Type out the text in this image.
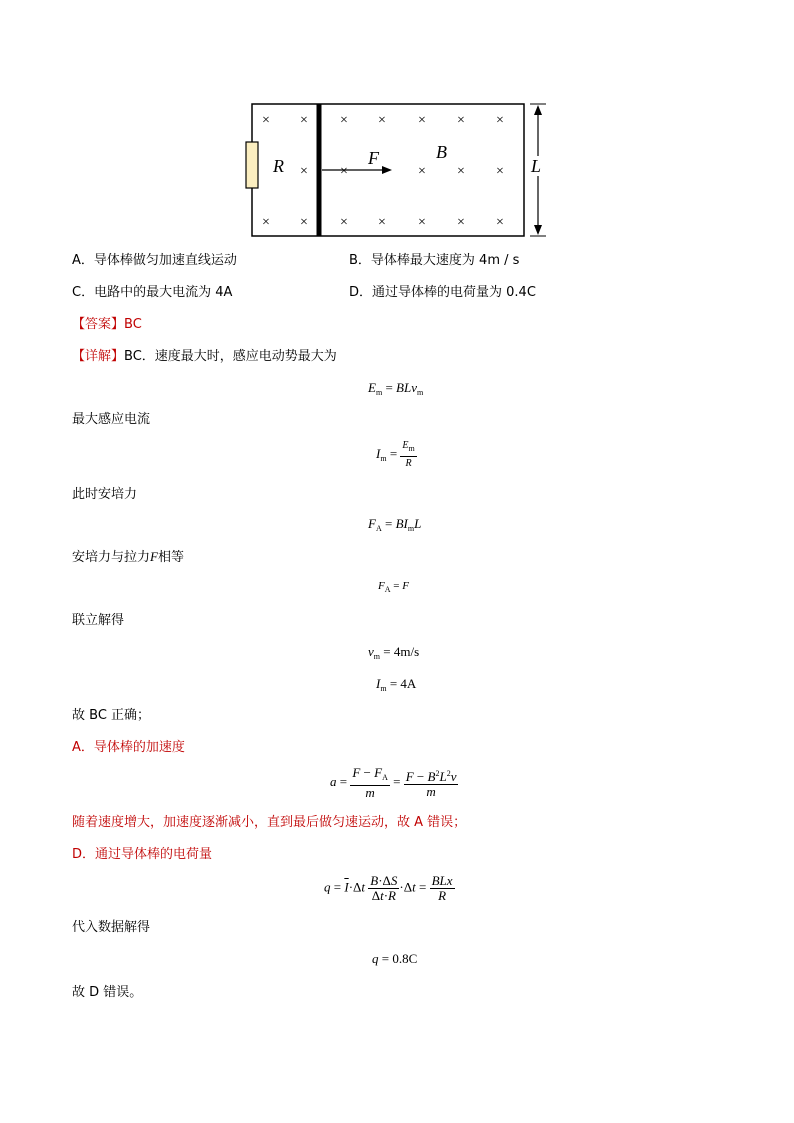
× × × × × × ×
× ×	× × ×
× × × × × × ×
R	F	B
L
A．导体棒做匀加速直线运动	B．导体棒最大速度为 4m / s
C．电路中的最大电流为 4A	D．通过导体棒的电荷量为 0.4C
【答案】BC
【详解】BC．速度最大时，感应电动势最大为
$E_m = BLv_m$
最大感应电流
$I_m = \frac{E_m}{R}$
此时安培力
$F_A = BI_mL$
安培力与拉力F相等
$F_A = F$
联立解得
$v_m = 4m/s$
$I_m = 4A$
故 BC 正确；
A．导体棒的加速度
$a = \frac{F - F_A}{m} = \frac{F - B^2L^2v}{m}$
随着速度增大，加速度逐渐减小，直到最后做匀速运动，故 A 错误；
D．通过导体棒的电荷量
$q = \overline{I}\cdot\Delta t \frac{B\cdot\Delta S}{\Delta t\cdot R} \cdot\Delta t = \frac{\text{BLx}}{R}$
代入数据解得
q = 0.8C
故 D 错误。
